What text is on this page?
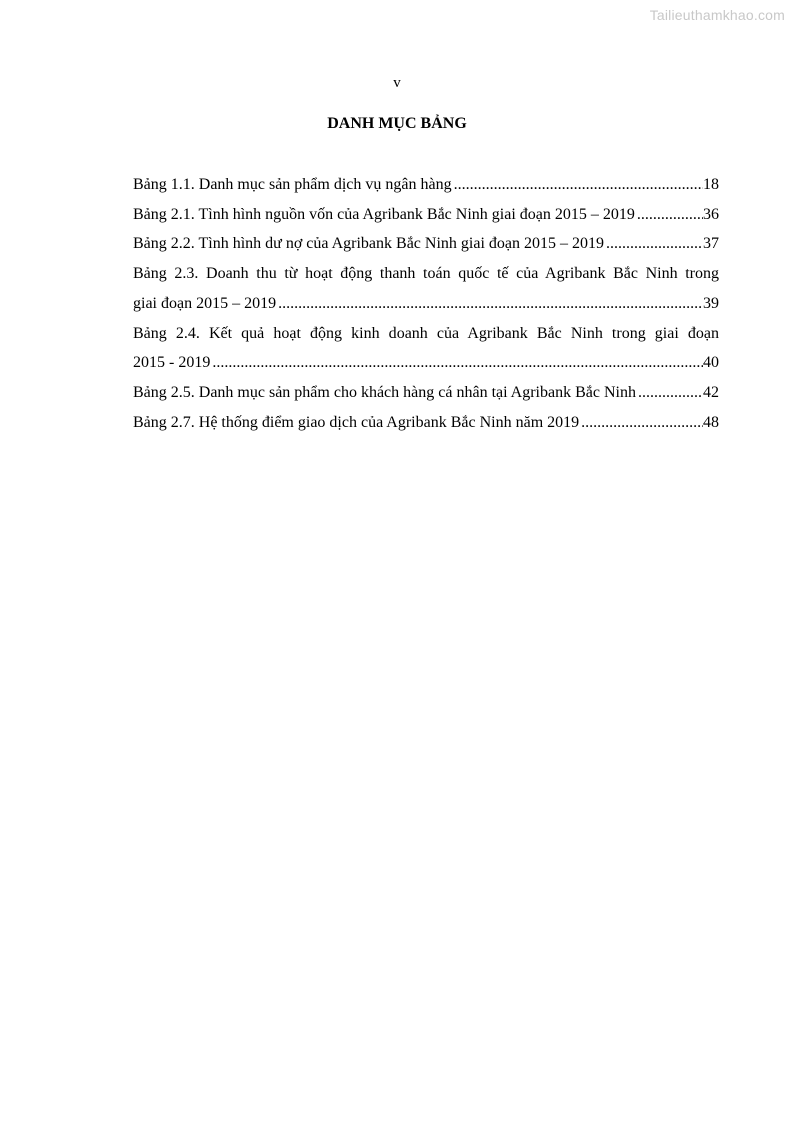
Tailieuthamkhao.com
v
DANH MỤC BẢNG
Bảng 1.1. Danh mục sản phẩm dịch vụ ngân hàng .....	18
Bảng 2.1. Tình hình nguồn vốn của Agribank Bắc Ninh giai đoạn 2015 – 2019 .....	36
Bảng 2.2. Tình hình dư nợ của Agribank Bắc Ninh giai đoạn 2015 – 2019 .....	37
Bảng 2.3. Doanh thu từ hoạt động thanh toán quốc tế của Agribank Bắc Ninh trong
giai đoạn 2015 – 2019 .....	39
Bảng 2.4. Kết quả hoạt động kinh doanh của Agribank Bắc Ninh trong giai đoạn
2015 - 2019 .....	40
Bảng 2.5. Danh mục sản phẩm cho khách hàng cá nhân tại Agribank Bắc Ninh .....	42
Bảng 2.7. Hệ thống điểm giao dịch của Agribank Bắc Ninh năm 2019 .....	48
